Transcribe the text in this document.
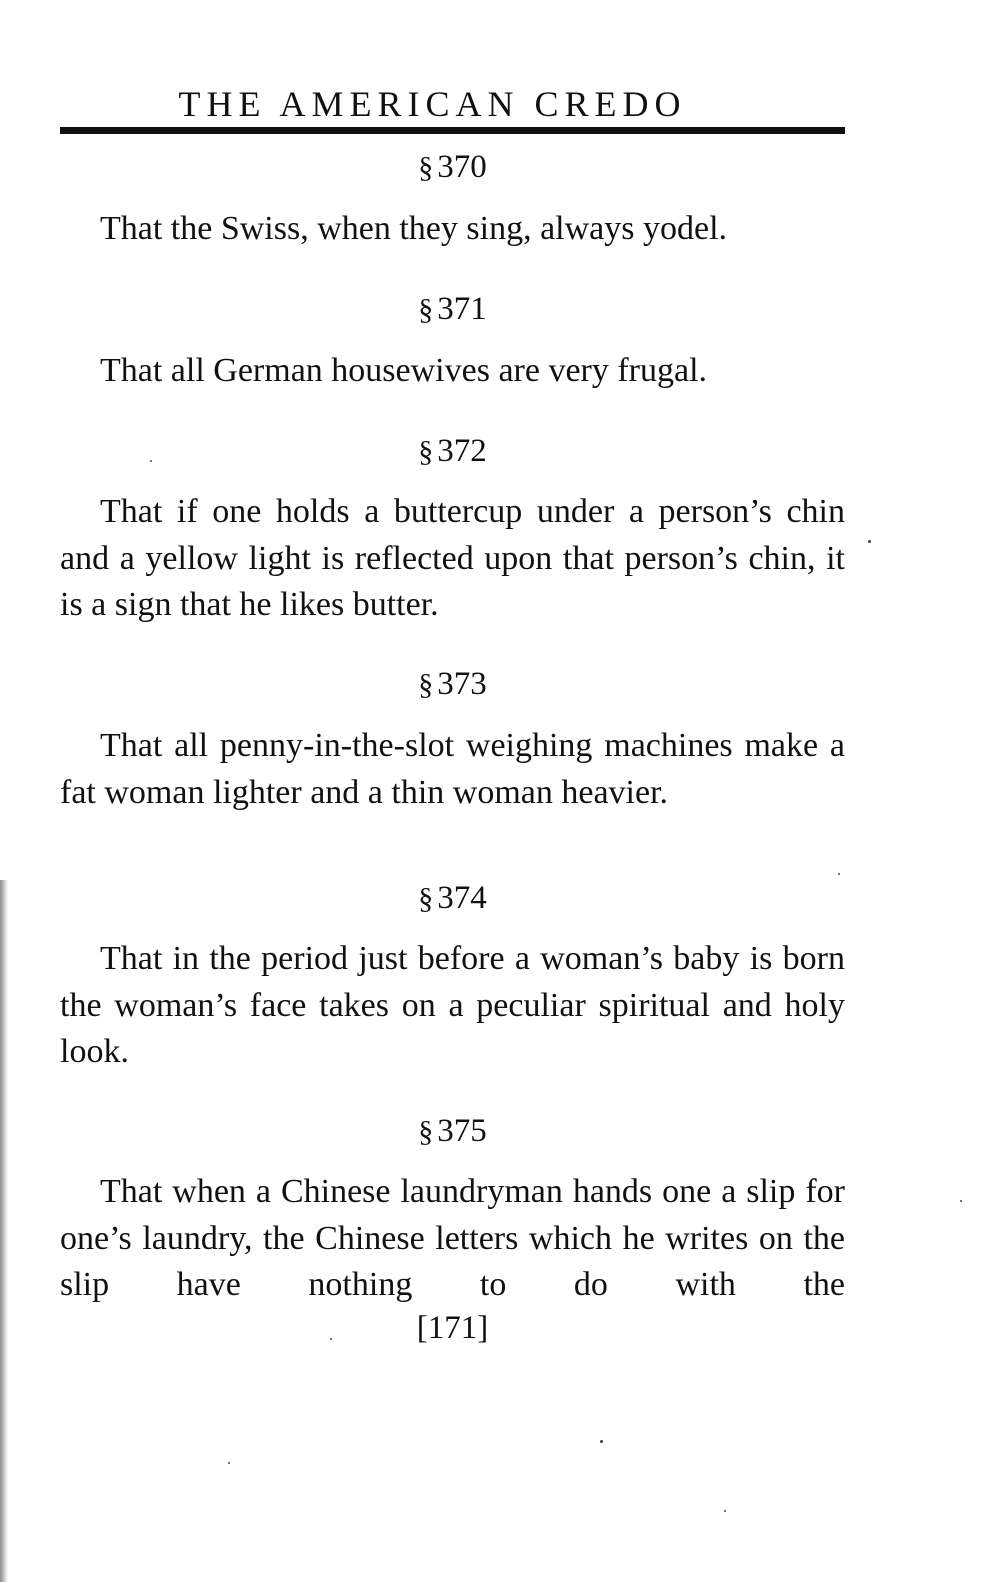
THE AMERICAN CREDO
§ 370

That the Swiss, when they sing, always yodel.

§ 371

That all German housewives are very frugal.

§ 372

That if one holds a buttercup under a person’s chin and a yellow light is reflected upon that person’s chin, it is a sign that he likes butter.

§ 373

That all penny-in-the-slot weighing machines make a fat woman lighter and a thin woman heavier.

§ 374

That in the period just before a woman’s baby is born the woman’s face takes on a peculiar spiritual and holy look.

§ 375

That when a Chinese laundryman hands one a slip for one’s laundry, the Chinese letters which he writes on the slip have nothing to do with the

[171]
